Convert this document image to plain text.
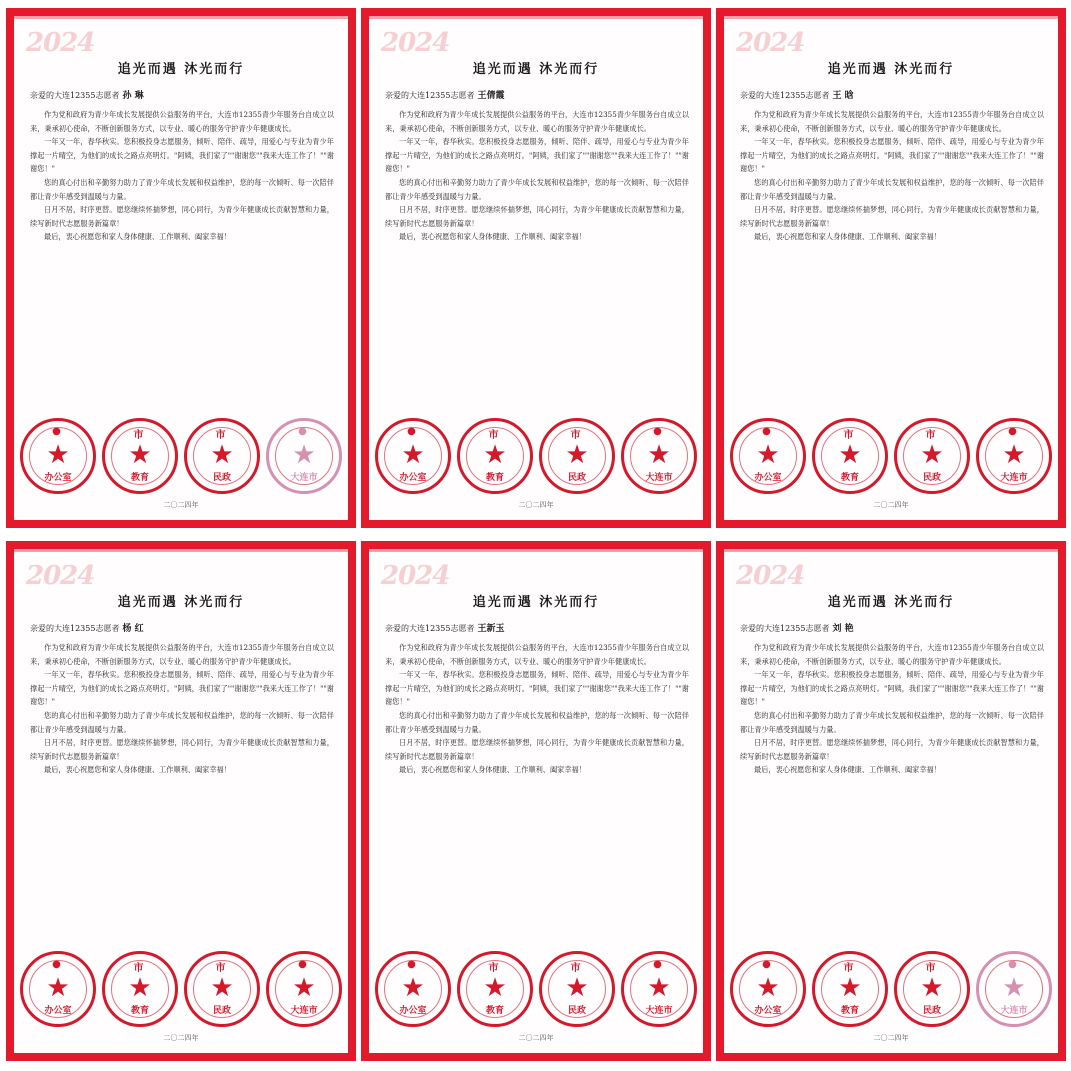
2024
追光而遇 沐光而行
亲爱的大连12355志愿者 孙 琳

作为党和政府为青少年成长发展提供公益服务的平台，大连市12355青少年服务台自成立以来，秉承初心使命，不断创新服务方式，以专业、暖心的服务守护青少年健康成长。

一年又一年，春华秋实。您积极投身志愿服务，倾听、陪伴、疏导，用爱心与专业为青少年撑起一片晴空，为他们的成长之路点亮明灯。"阿姨，我们家了""谢谢您""我来大连工作了！""谢谢您！"

您的真心付出和辛勤努力助力了青少年成长发展和权益维护，您的每一次倾听、每一次陪伴都让青少年感受到温暖与力量。

日月不居，时序更替。愿您继续怀揣梦想，同心同行，为青少年健康成长贡献智慧和力量，续写新时代志愿服务新篇章！

最后，衷心祝愿您和家人身体健康、工作顺利、阖家幸福！

●
★
办公室
市
★
教育
市
★
民政
●
★
大连市
二〇二四年
2024
追光而遇 沐光而行
亲爱的大连12355志愿者 王倩霞

作为党和政府为青少年成长发展提供公益服务的平台，大连市12355青少年服务台自成立以来，秉承初心使命，不断创新服务方式，以专业、暖心的服务守护青少年健康成长。

一年又一年，春华秋实。您积极投身志愿服务，倾听、陪伴、疏导，用爱心与专业为青少年撑起一片晴空，为他们的成长之路点亮明灯。"阿姨，我们家了""谢谢您""我来大连工作了！""谢谢您！"

您的真心付出和辛勤努力助力了青少年成长发展和权益维护，您的每一次倾听、每一次陪伴都让青少年感受到温暖与力量。

日月不居，时序更替。愿您继续怀揣梦想，同心同行，为青少年健康成长贡献智慧和力量，续写新时代志愿服务新篇章！

最后，衷心祝愿您和家人身体健康、工作顺利、阖家幸福！

●
★
办公室
市
★
教育
市
★
民政
●
★
大连市
二〇二四年
2024
追光而遇 沐光而行
亲爱的大连12355志愿者 王 晗

作为党和政府为青少年成长发展提供公益服务的平台，大连市12355青少年服务台自成立以来，秉承初心使命，不断创新服务方式，以专业、暖心的服务守护青少年健康成长。

一年又一年，春华秋实。您积极投身志愿服务，倾听、陪伴、疏导，用爱心与专业为青少年撑起一片晴空，为他们的成长之路点亮明灯。"阿姨，我们家了""谢谢您""我来大连工作了！""谢谢您！"

您的真心付出和辛勤努力助力了青少年成长发展和权益维护，您的每一次倾听、每一次陪伴都让青少年感受到温暖与力量。

日月不居，时序更替。愿您继续怀揣梦想，同心同行，为青少年健康成长贡献智慧和力量，续写新时代志愿服务新篇章！

最后，衷心祝愿您和家人身体健康、工作顺利、阖家幸福！

●
★
办公室
市
★
教育
市
★
民政
●
★
大连市
二〇二四年
2024
追光而遇 沐光而行
亲爱的大连12355志愿者 杨 红

作为党和政府为青少年成长发展提供公益服务的平台，大连市12355青少年服务台自成立以来，秉承初心使命，不断创新服务方式，以专业、暖心的服务守护青少年健康成长。

一年又一年，春华秋实。您积极投身志愿服务，倾听、陪伴、疏导，用爱心与专业为青少年撑起一片晴空，为他们的成长之路点亮明灯。"阿姨，我们家了""谢谢您""我来大连工作了！""谢谢您！"

您的真心付出和辛勤努力助力了青少年成长发展和权益维护，您的每一次倾听、每一次陪伴都让青少年感受到温暖与力量。

日月不居，时序更替。愿您继续怀揣梦想，同心同行，为青少年健康成长贡献智慧和力量，续写新时代志愿服务新篇章！

最后，衷心祝愿您和家人身体健康、工作顺利、阖家幸福！

●
★
办公室
市
★
教育
市
★
民政
●
★
大连市
二〇二四年
2024
追光而遇 沐光而行
亲爱的大连12355志愿者 王新玉

作为党和政府为青少年成长发展提供公益服务的平台，大连市12355青少年服务台自成立以来，秉承初心使命，不断创新服务方式，以专业、暖心的服务守护青少年健康成长。

一年又一年，春华秋实。您积极投身志愿服务，倾听、陪伴、疏导，用爱心与专业为青少年撑起一片晴空，为他们的成长之路点亮明灯。"阿姨，我们家了""谢谢您""我来大连工作了！""谢谢您！"

您的真心付出和辛勤努力助力了青少年成长发展和权益维护，您的每一次倾听、每一次陪伴都让青少年感受到温暖与力量。

日月不居，时序更替。愿您继续怀揣梦想，同心同行，为青少年健康成长贡献智慧和力量，续写新时代志愿服务新篇章！

最后，衷心祝愿您和家人身体健康、工作顺利、阖家幸福！

●
★
办公室
市
★
教育
市
★
民政
●
★
大连市
二〇二四年
2024
追光而遇 沐光而行
亲爱的大连12355志愿者 刘 艳

作为党和政府为青少年成长发展提供公益服务的平台，大连市12355青少年服务台自成立以来，秉承初心使命，不断创新服务方式，以专业、暖心的服务守护青少年健康成长。

一年又一年，春华秋实。您积极投身志愿服务，倾听、陪伴、疏导，用爱心与专业为青少年撑起一片晴空，为他们的成长之路点亮明灯。"阿姨，我们家了""谢谢您""我来大连工作了！""谢谢您！"

您的真心付出和辛勤努力助力了青少年成长发展和权益维护，您的每一次倾听、每一次陪伴都让青少年感受到温暖与力量。

日月不居，时序更替。愿您继续怀揣梦想，同心同行，为青少年健康成长贡献智慧和力量，续写新时代志愿服务新篇章！

最后，衷心祝愿您和家人身体健康、工作顺利、阖家幸福！

●
★
办公室
市
★
教育
市
★
民政
●
★
大连市
二〇二四年
